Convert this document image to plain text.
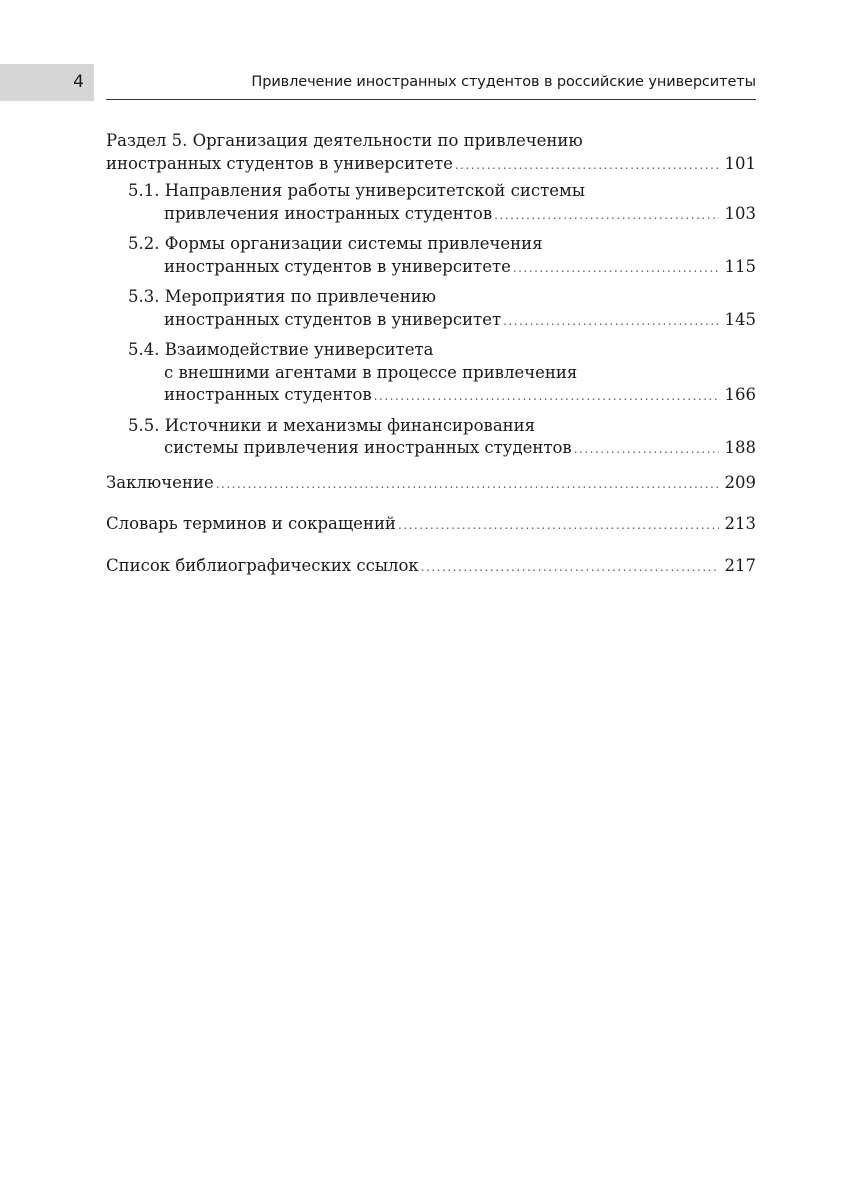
4	Привлечение иностранных студентов в российские университеты
Раздел 5. Организация деятельности по привлечению
иностранных студентов в университете .....	101
5.1. Направления работы университетской системы
привлечения иностранных студентов .....	103
5.2. Формы организации системы привлечения
иностранных студентов в университете .....	115
5.3. Мероприятия по привлечению
иностранных студентов в университет .....	145
5.4. Взаимодействие университета
с внешними агентами в процессе привлечения
иностранных студентов .....	166
5.5. Источники и механизмы финансирования
системы привлечения иностранных студентов .....	188
Заключение .....	209
Словарь терминов и сокращений .....	213
Список библиографических ссылок .....	217
